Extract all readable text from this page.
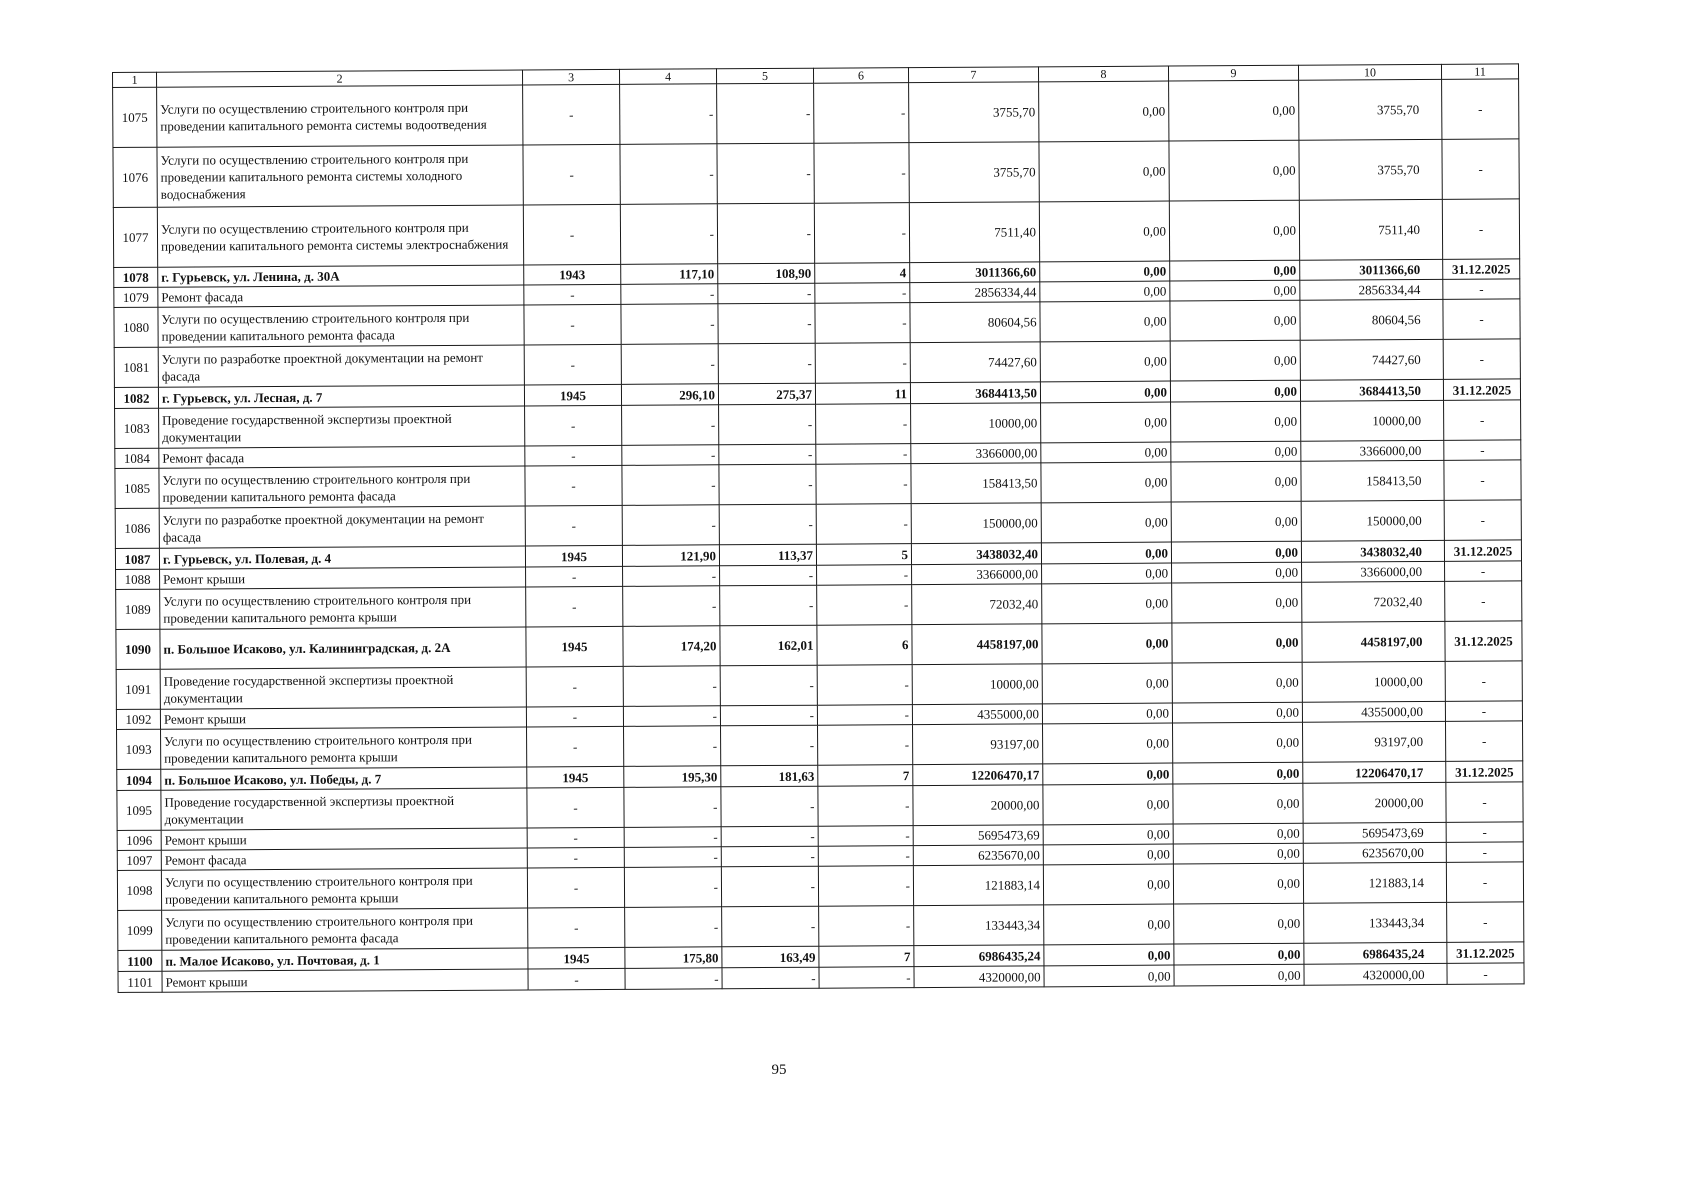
1	2	3	4	5	6	7	8	9	10	11
1075	Услуги по осуществлению строительного контроля при проведении капитального ремонта системы водоотведения	-	-	-	-	3755,70	0,00	0,00	3755,70	-
1076	Услуги по осуществлению строительного контроля при проведении капитального ремонта системы холодного водоснабжения	-	-	-	-	3755,70	0,00	0,00	3755,70	-
1077	Услуги по осуществлению строительного контроля при проведении капитального ремонта системы электроснабжения	-	-	-	-	7511,40	0,00	0,00	7511,40	-
1078	г. Гурьевск, ул. Ленина, д. 30А	1943	117,10	108,90	4	3011366,60	0,00	0,00	3011366,60	31.12.2025
1079	Ремонт фасада	-	-	-	-	2856334,44	0,00	0,00	2856334,44	-
1080	Услуги по осуществлению строительного контроля при проведении капитального ремонта фасада	-	-	-	-	80604,56	0,00	0,00	80604,56	-
1081	Услуги по разработке проектной документации на ремонт фасада	-	-	-	-	74427,60	0,00	0,00	74427,60	-
1082	г. Гурьевск, ул. Лесная, д. 7	1945	296,10	275,37	11	3684413,50	0,00	0,00	3684413,50	31.12.2025
1083	Проведение государственной экспертизы проектной документации	-	-	-	-	10000,00	0,00	0,00	10000,00	-
1084	Ремонт фасада	-	-	-	-	3366000,00	0,00	0,00	3366000,00	-
1085	Услуги по осуществлению строительного контроля при проведении капитального ремонта фасада	-	-	-	-	158413,50	0,00	0,00	158413,50	-
1086	Услуги по разработке проектной документации на ремонт фасада	-	-	-	-	150000,00	0,00	0,00	150000,00	-
1087	г. Гурьевск, ул. Полевая, д. 4	1945	121,90	113,37	5	3438032,40	0,00	0,00	3438032,40	31.12.2025
1088	Ремонт крыши	-	-	-	-	3366000,00	0,00	0,00	3366000,00	-
1089	Услуги по осуществлению строительного контроля при проведении капитального ремонта крыши	-	-	-	-	72032,40	0,00	0,00	72032,40	-
1090	п. Большое Исаково, ул. Калининградская, д. 2А	1945	174,20	162,01	6	4458197,00	0,00	0,00	4458197,00	31.12.2025
1091	Проведение государственной экспертизы проектной документации	-	-	-	-	10000,00	0,00	0,00	10000,00	-
1092	Ремонт крыши	-	-	-	-	4355000,00	0,00	0,00	4355000,00	-
1093	Услуги по осуществлению строительного контроля при проведении капитального ремонта крыши	-	-	-	-	93197,00	0,00	0,00	93197,00	-
1094	п. Большое Исаково, ул. Победы, д. 7	1945	195,30	181,63	7	12206470,17	0,00	0,00	12206470,17	31.12.2025
1095	Проведение государственной экспертизы проектной документации	-	-	-	-	20000,00	0,00	0,00	20000,00	-
1096	Ремонт крыши	-	-	-	-	5695473,69	0,00	0,00	5695473,69	-
1097	Ремонт фасада	-	-	-	-	6235670,00	0,00	0,00	6235670,00	-
1098	Услуги по осуществлению строительного контроля при проведении капитального ремонта крыши	-	-	-	-	121883,14	0,00	0,00	121883,14	-
1099	Услуги по осуществлению строительного контроля при проведении капитального ремонта фасада	-	-	-	-	133443,34	0,00	0,00	133443,34	-
1100	п. Малое Исаково, ул. Почтовая, д. 1	1945	175,80	163,49	7	6986435,24	0,00	0,00	6986435,24	31.12.2025
1101	Ремонт крыши	-	-	-	-	4320000,00	0,00	0,00	4320000,00	-
95
